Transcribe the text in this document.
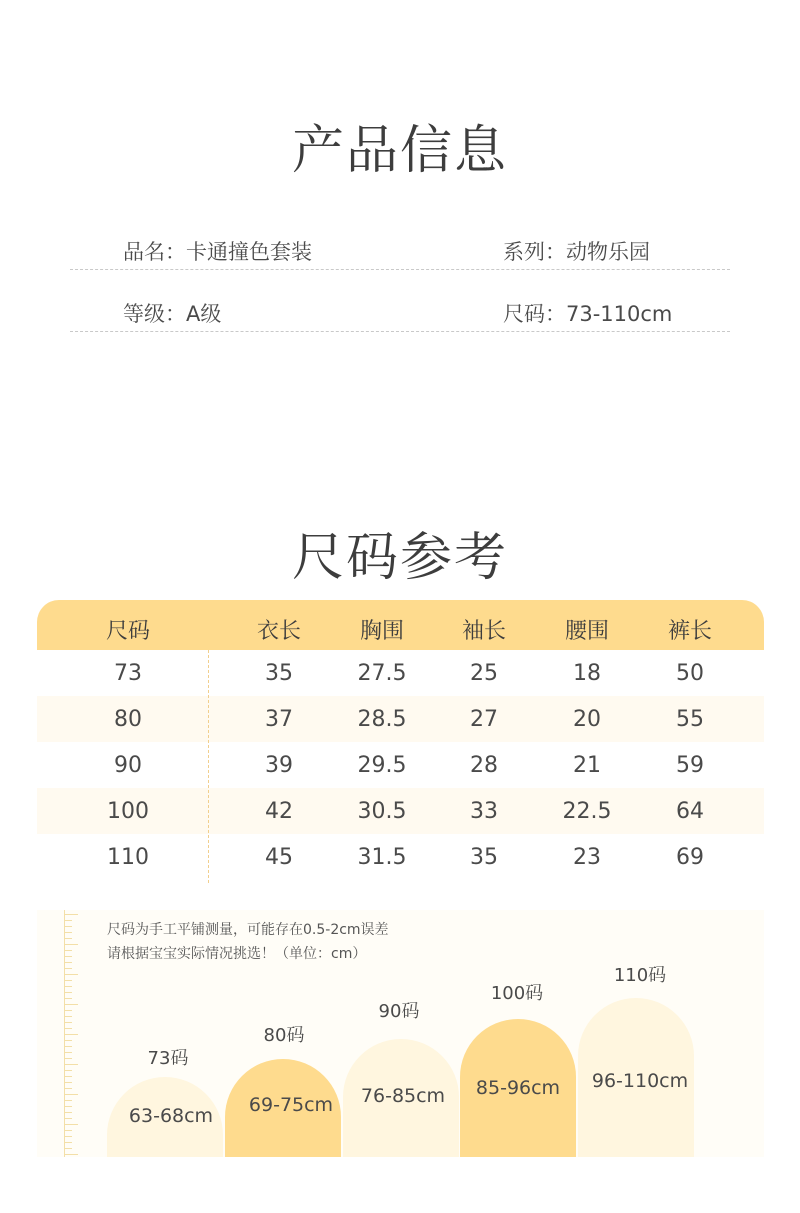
产品信息
品名：卡通撞色套装	系列：动物乐园
等级：A级	尺码：73-110cm
尺码参考
尺码	衣长	胸围	袖长	腰围	裤长
73	35	27.5	25	18	50
80	37	28.5	27	20	55
90	39	29.5	28	21	59
100	42	30.5	33	22.5	64
110	45	31.5	35	23	69
尺码为手工平铺测量，可能存在0.5-2cm误差
请根据宝宝实际情况挑选！（单位：cm）
73码
63-68cm
80码
69-75cm
90码
76-85cm
100码
85-96cm
110码
96-110cm
